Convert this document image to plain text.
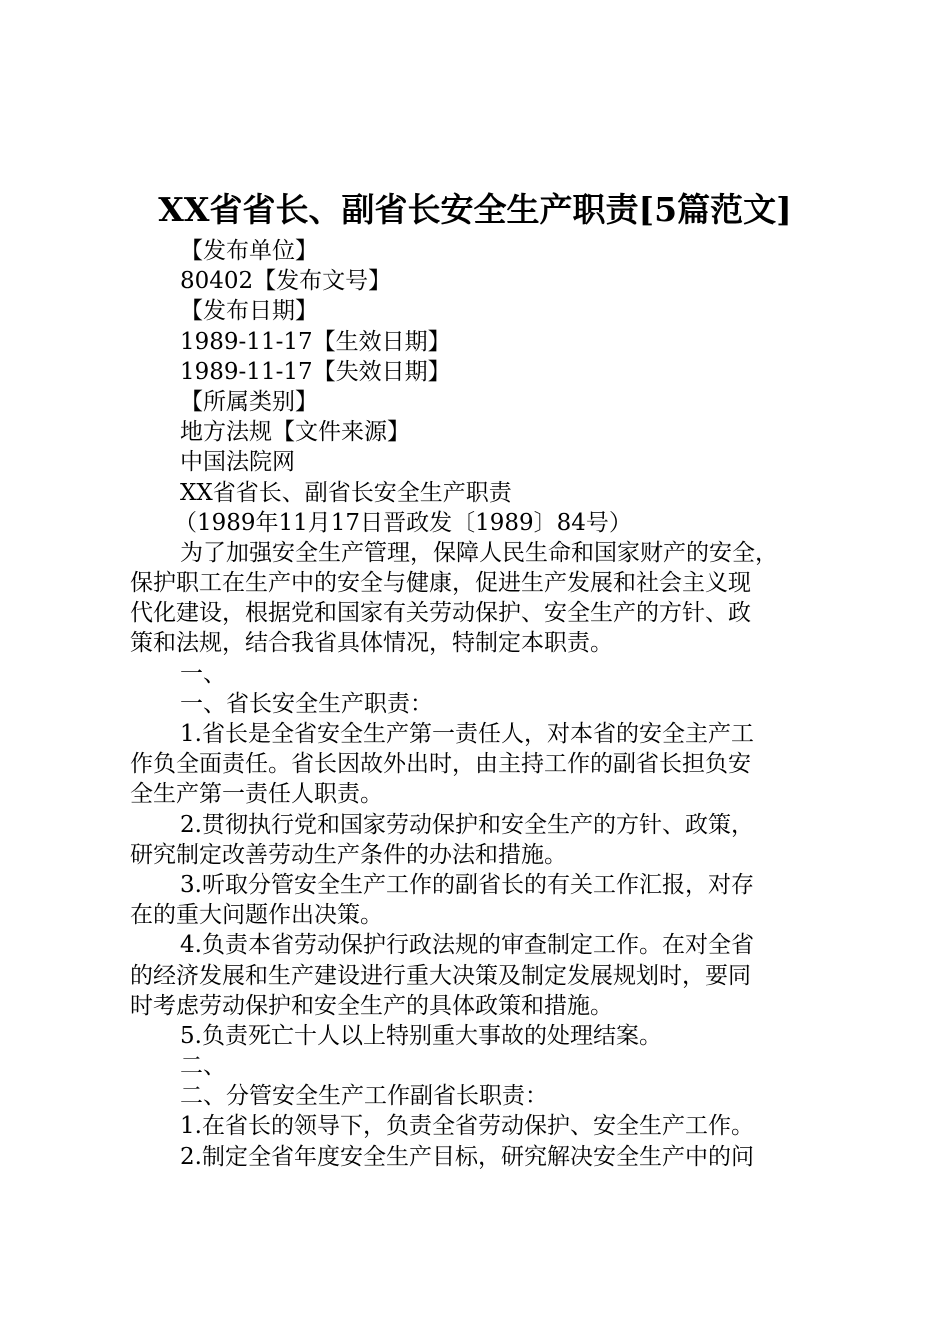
XX省省长、副省长安全生产职责[5篇范文]
【发布单位】
80402【发布文号】
【发布日期】
1989-11-17【生效日期】
1989-11-17【失效日期】
【所属类别】
地方法规【文件来源】
中国法院网
XX省省长、副省长安全生产职责
（1989年11月17日晋政发〔1989〕84号）
为了加强安全生产管理，保障人民生命和国家财产的安全，
保护职工在生产中的安全与健康，促进生产发展和社会主义现
代化建设，根据党和国家有关劳动保护、安全生产的方针、政
策和法规，结合我省具体情况，特制定本职责。
一、
一、省长安全生产职责：
1.省长是全省安全生产第一责任人，对本省的安全主产工
作负全面责任。省长因故外出时，由主持工作的副省长担负安
全生产第一责任人职责。
2.贯彻执行党和国家劳动保护和安全生产的方针、政策，
研究制定改善劳动生产条件的办法和措施。
3.听取分管安全生产工作的副省长的有关工作汇报，对存
在的重大问题作出决策。
4.负责本省劳动保护行政法规的审查制定工作。在对全省
的经济发展和生产建设进行重大决策及制定发展规划时，要同
时考虑劳动保护和安全生产的具体政策和措施。
5.负责死亡十人以上特别重大事故的处理结案。
二、
二、分管安全生产工作副省长职责：
1.在省长的领导下，负责全省劳动保护、安全生产工作。
2.制定全省年度安全生产目标，研究解决安全生产中的问
